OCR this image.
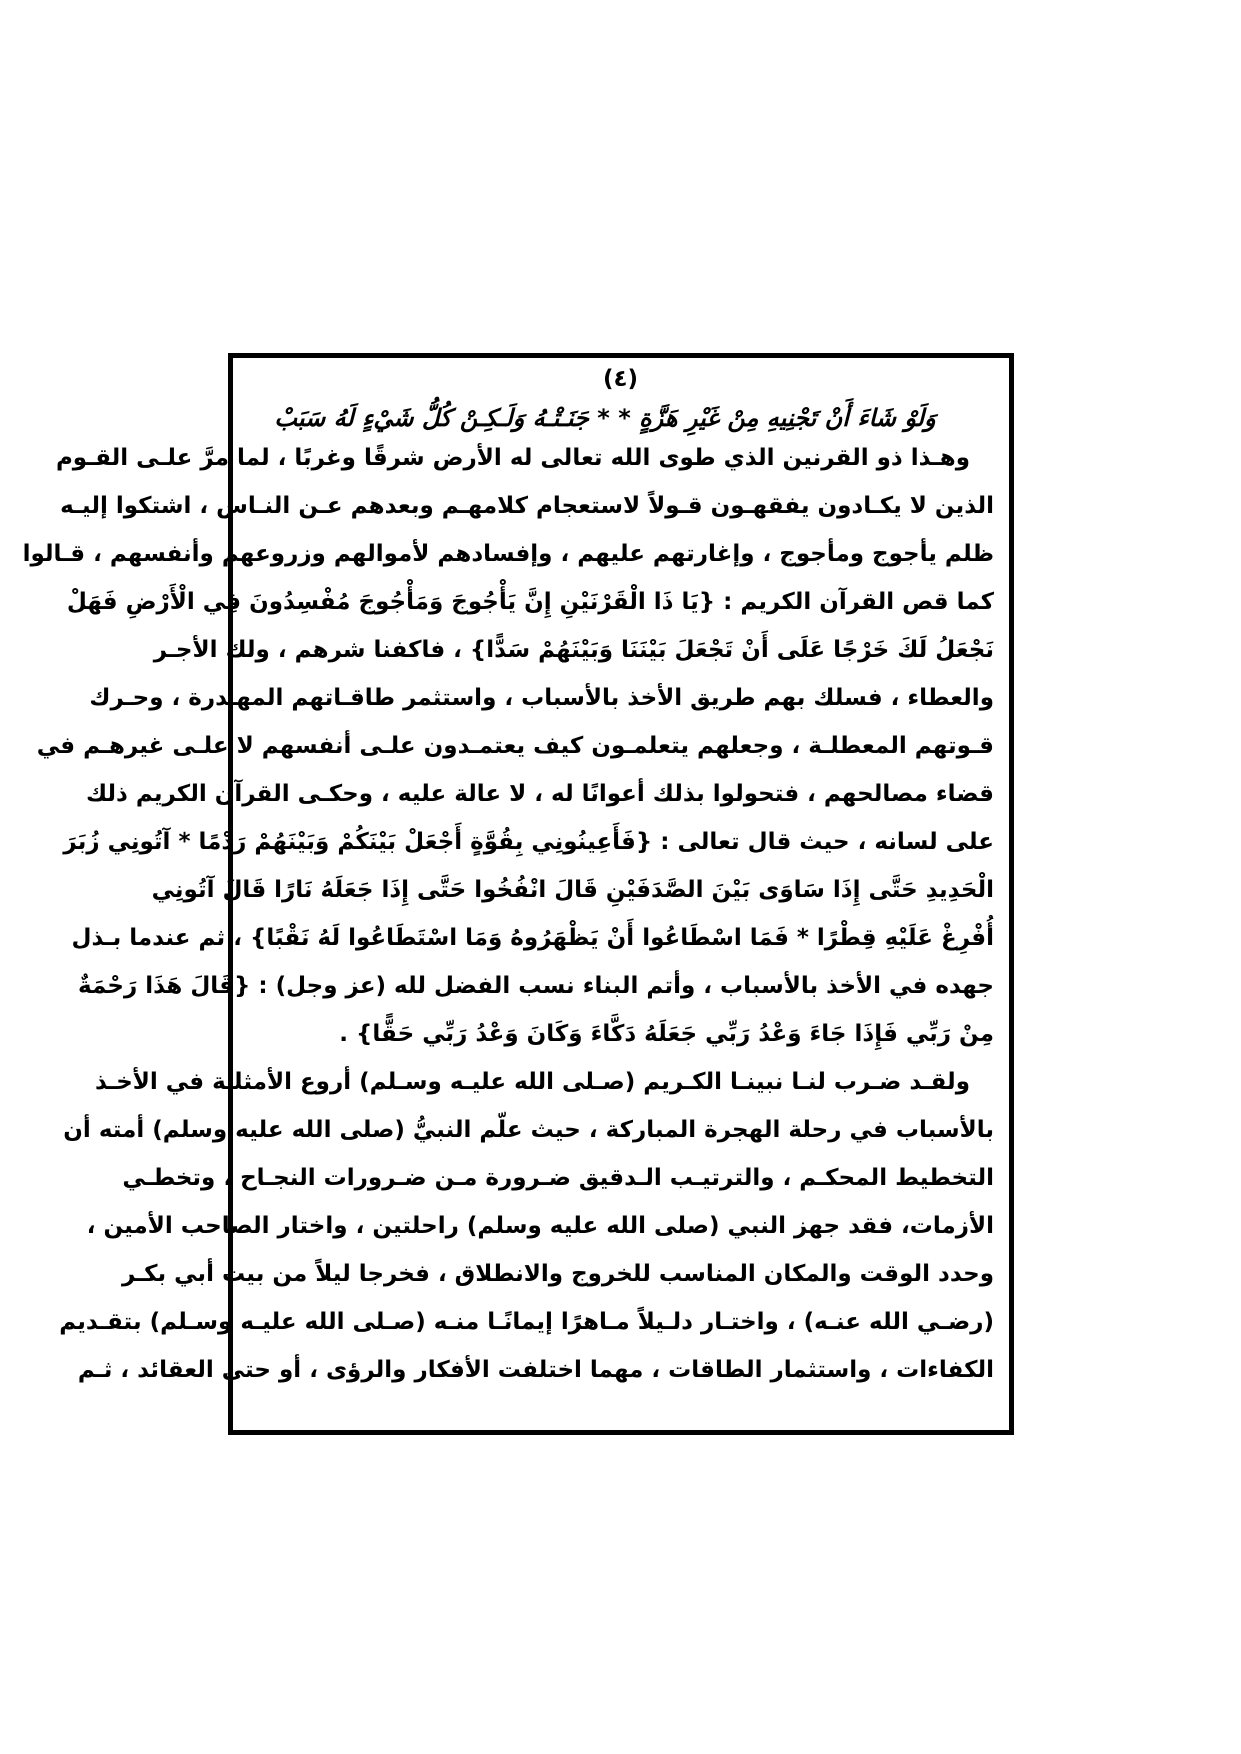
(٤)
وَلَوْ شَاءَ أَنْ تَجْنِيهِ مِنْ غَيْرِ هَزَّةٍ * * جَنَـتْـهُ وَلَـكِـنْ كُلُّ شَيْءٍ لَهُ سَبَبْ
وهـذا ذو القرنين الذي طوى الله تعالى له الأرض شرقًا وغربًا ، لما مرَّ علـى القـوم
الذين لا يكـادون يفقهـون قـولاً لاستعجام كلامهـم وبعدهم عـن النـاس ، اشتكوا إليـه
ظلم يأجوج ومأجوج ، وإغارتهم عليهم ، وإفسادهم لأموالهم وزروعهم وأنفسهم ، قـالوا
كما قص القرآن الكريم : {يَا ذَا الْقَرْنَيْنِ إِنَّ يَأْجُوجَ وَمَأْجُوجَ مُفْسِدُونَ فِي الْأَرْضِ فَهَلْ
نَجْعَلُ لَكَ خَرْجًا عَلَى أَنْ تَجْعَلَ بَيْنَنَا وَبَيْنَهُمْ سَدًّا} ، فاكفنا شرهم ، ولك الأجـر
والعطاء ، فسلك بهم طريق الأخذ بالأسباب ، واستثمر طاقـاتهم المهـدرة ، وحـرك
قـوتهم المعطلـة ، وجعلهم يتعلمـون كيف يعتمـدون علـى أنفسهم لا علـى غيرهـم في
قضاء مصالحهم ، فتحولوا بذلك أعوانًا له ، لا عالة عليه ، وحكـى القرآن الكريم ذلك
على لسانه ، حيث قال تعالى : {فَأَعِينُونِي بِقُوَّةٍ أَجْعَلْ بَيْنَكُمْ وَبَيْنَهُمْ رَدْمًا * آتُونِي زُبَرَ
الْحَدِيدِ حَتَّى إِذَا سَاوَى بَيْنَ الصَّدَفَيْنِ قَالَ انْفُخُوا حَتَّى إِذَا جَعَلَهُ نَارًا قَالَ آتُونِي
أُفْرِغْ عَلَيْهِ قِطْرًا * فَمَا اسْطَاعُوا أَنْ يَظْهَرُوهُ وَمَا اسْتَطَاعُوا لَهُ نَقْبًا} ، ثم عندما بـذل
جهده في الأخذ بالأسباب ، وأتم البناء نسب الفضل لله (عز وجل) : {قَالَ هَذَا رَحْمَةٌ
مِنْ رَبِّي فَإِذَا جَاءَ وَعْدُ رَبِّي جَعَلَهُ دَكَّاءَ وَكَانَ وَعْدُ رَبِّي حَقًّا} .
ولقـد ضـرب لنـا نبينـا الكـريم (صـلى الله عليـه وسـلم) أروع الأمثلـة في الأخـذ
بالأسباب في رحلة الهجرة المباركة ، حيث علّم النبيُّ (صلى الله عليه وسلم) أمته أن
التخطيط المحكـم ، والترتيـب الـدقيق ضـرورة مـن ضـرورات النجـاح ، وتخطـي
الأزمات، فقد جهز النبي (صلى الله عليه وسلم) راحلتين ، واختار الصاحب الأمين ،
وحدد الوقت والمكان المناسب للخروج والانطلاق ، فخرجا ليلاً من بيت أبي بكـر
(رضـي الله عنـه) ، واختـار دلـيلاً مـاهرًا إيمانًـا منـه (صـلى الله عليـه وسـلم) بتقـديم
الكفاءات ، واستثمار الطاقات ، مهما اختلفت الأفكار والرؤى ، أو حتى العقائد ، ثـم
